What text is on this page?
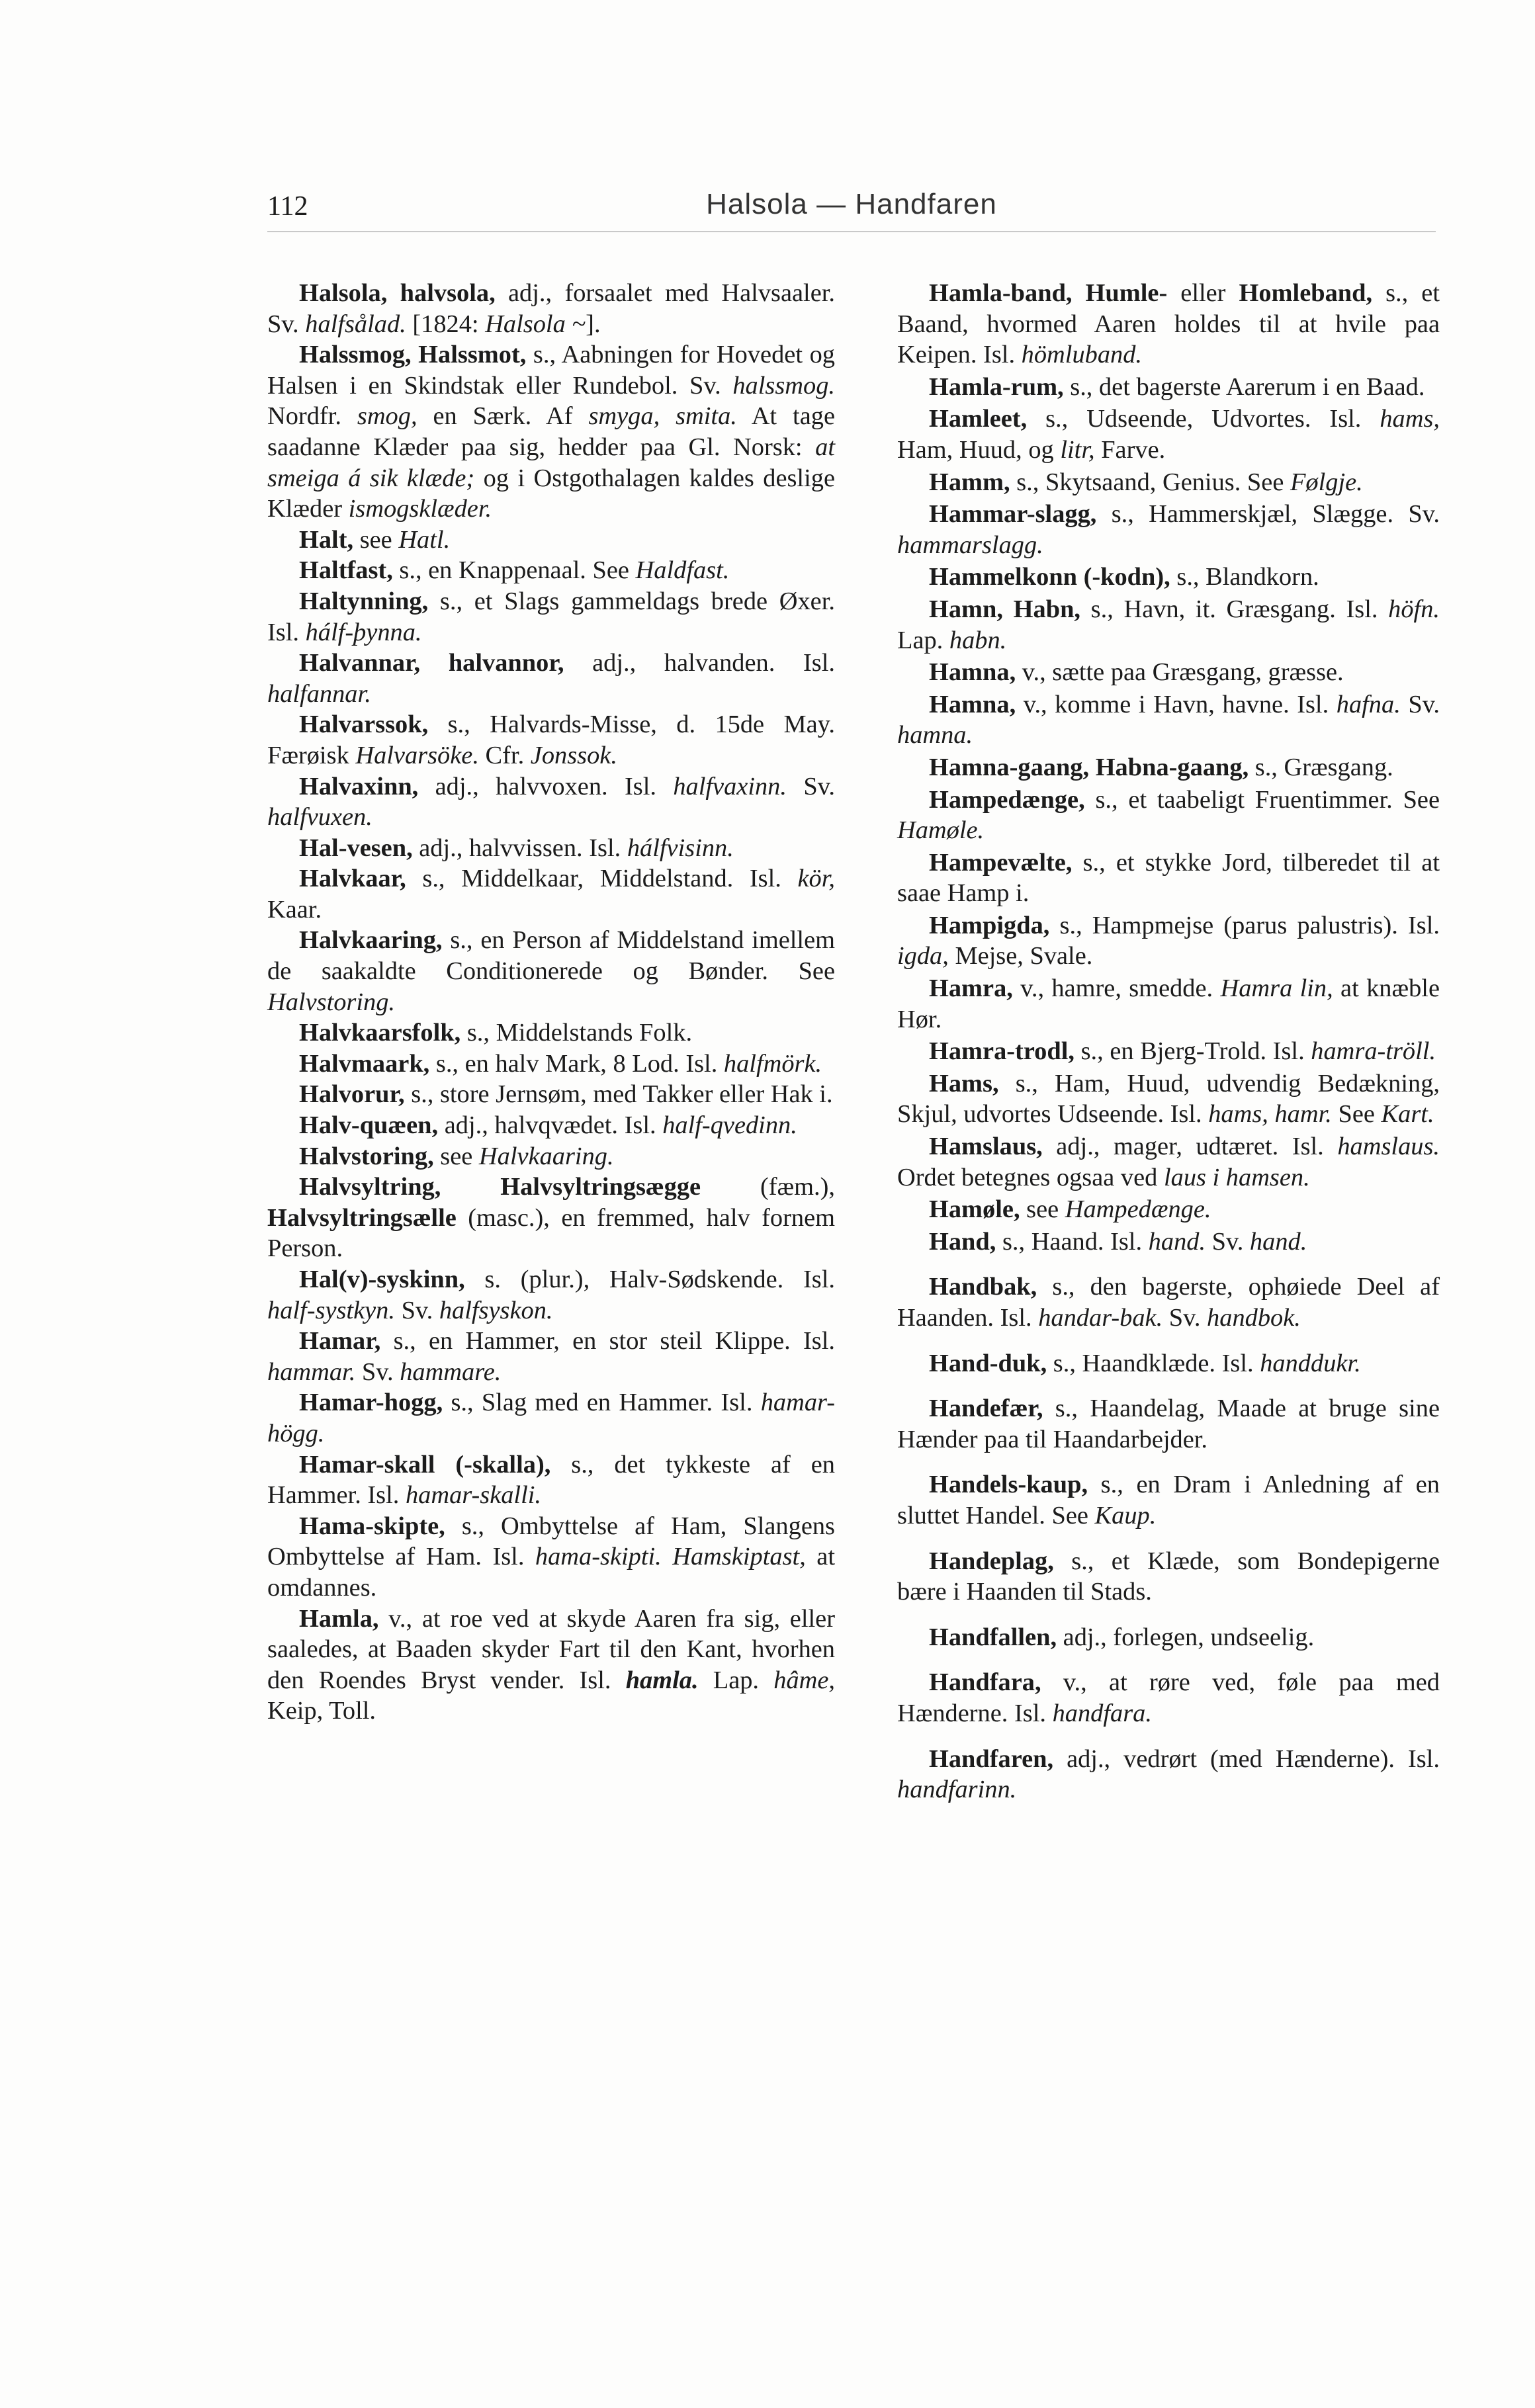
112	Halsola — Handfaren

Halsola, halvsola, adj., forsaalet med Halvsaaler. Sv. halfsålad. [1824: Halsola ~].

Halssmog, Halssmot, s., Aabningen for Hovedet og Halsen i en Skindstak eller Rundebol. Sv. halssmog. Nordfr. smog, en Særk. Af smyga, smita. At tage saadanne Klæder paa sig, hedder paa Gl. Norsk: at smeiga á sik klæde; og i Ostgothalagen kaldes deslige Klæder ismogsklæder.

Halt, see Hatl.

Haltfast, s., en Knappenaal. See Haldfast.

Haltynning, s., et Slags gammeldags brede Øxer. Isl. hálf-þynna.

Halvannar, halvannor, adj., halvanden. Isl. halfannar.

Halvarssok, s., Halvards-Misse, d. 15de May. Færøisk Halvarsöke. Cfr. Jonssok.

Halvaxinn, adj., halvvoxen. Isl. halfvaxinn. Sv. halfvuxen.

Hal-vesen, adj., halvvissen. Isl. hálfvisinn.

Halvkaar, s., Middelkaar, Middelstand. Isl. kör, Kaar.

Halvkaaring, s., en Person af Middelstand imellem de saakaldte Conditionerede og Bønder. See Halvstoring.

Halvkaarsfolk, s., Middelstands Folk.

Halvmaark, s., en halv Mark, 8 Lod. Isl. halfmörk.

Halvorur, s., store Jernsøm, med Takker eller Hak i.

Halv-quæen, adj., halvqvædet. Isl. half-qvedinn.

Halvstoring, see Halvkaaring.

Halvsyltring, Halvsyltringsægge (fæm.), Halvsyltringsælle (masc.), en fremmed, halv fornem Person.

Hal(v)-syskinn, s. (plur.), Halv-Sødskende. Isl. half-systkyn. Sv. halfsyskon.

Hamar, s., en Hammer, en stor steil Klippe. Isl. hammar. Sv. hammare.

Hamar-hogg, s., Slag med en Hammer. Isl. hamar-högg.

Hamar-skall (-skalla), s., det tykkeste af en Hammer. Isl. hamar-skalli.

Hama-skipte, s., Ombyttelse af Ham, Slangens Ombyttelse af Ham. Isl. hama-skipti. Hamskiptast, at omdannes.

Hamla, v., at roe ved at skyde Aaren fra sig, eller saaledes, at Baaden skyder Fart til den Kant, hvorhen den Roendes Bryst vender. Isl. hamla. Lap. hâme, Keip, Toll.

Hamla-band, Humle- eller Homleband, s., et Baand, hvormed Aaren holdes til at hvile paa Keipen. Isl. hömluband.

Hamla-rum, s., det bagerste Aarerum i en Baad.

Hamleet, s., Udseende, Udvortes. Isl. hams, Ham, Huud, og litr, Farve.

Hamm, s., Skytsaand, Genius. See Følgje.

Hammar-slagg, s., Hammerskjæl, Slægge. Sv. hammarslagg.

Hammelkonn (-kodn), s., Blandkorn.

Hamn, Habn, s., Havn, it. Græsgang. Isl. höfn. Lap. habn.

Hamna, v., sætte paa Græsgang, græsse.

Hamna, v., komme i Havn, havne. Isl. hafna. Sv. hamna.

Hamna-gaang, Habna-gaang, s., Græsgang.

Hampedænge, s., et taabeligt Fruentimmer. See Hamøle.

Hampevælte, s., et stykke Jord, tilberedet til at saae Hamp i.

Hampigda, s., Hampmejse (parus palustris). Isl. igda, Mejse, Svale.

Hamra, v., hamre, smedde. Hamra lin, at knæble Hør.

Hamra-trodl, s., en Bjerg-Trold. Isl. hamra-tröll.

Hams, s., Ham, Huud, udvendig Bedækning, Skjul, udvortes Udseende. Isl. hams, hamr. See Kart.

Hamslaus, adj., mager, udtæret. Isl. hamslaus. Ordet betegnes ogsaa ved laus i hamsen.

Hamøle, see Hampedænge.

Hand, s., Haand. Isl. hand. Sv. hand.

Handbak, s., den bagerste, ophøiede Deel af Haanden. Isl. handar-bak. Sv. handbok.

Hand-duk, s., Haandklæde. Isl. handdukr.

Handefær, s., Haandelag, Maade at bruge sine Hænder paa til Haandarbejder.

Handels-kaup, s., en Dram i Anledning af en sluttet Handel. See Kaup.

Handeplag, s., et Klæde, som Bondepigerne bære i Haanden til Stads.

Handfallen, adj., forlegen, undseelig.

Handfara, v., at røre ved, føle paa med Hænderne. Isl. handfara.

Handfaren, adj., vedrørt (med Hænderne). Isl. handfarinn.
